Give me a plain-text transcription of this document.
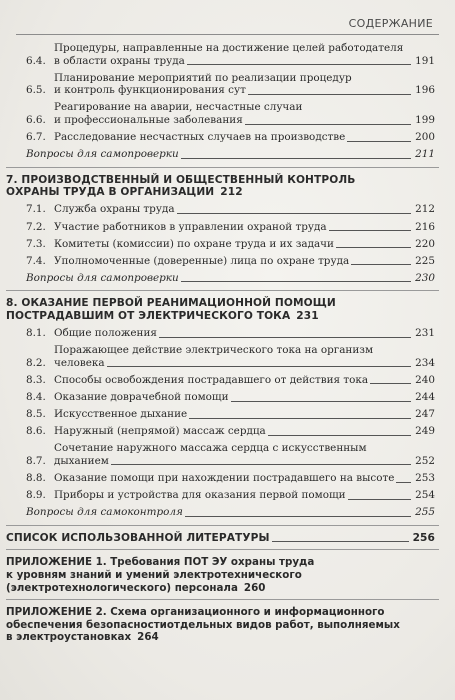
СОДЕРЖАНИЕ
6.4.
Процедуры, направленные на достижение целей работодателя
в области охраны труда	191
6.5.
Планирование мероприятий по реализации процедур
и контроль функционирования сут	196
6.6.
Реагирование на аварии, несчастные случаи
и профессиональные заболевания	199
6.7. Расследование несчастных случаев на производстве	200
Вопросы для самопроверки	211
7. ПРОИЗВОДСТВЕННЫЙ И ОБЩЕСТВЕННЫЙ КОНТРОЛЬ
ОХРАНЫ ТРУДА В ОРГАНИЗАЦИИ 212
7.1. Служба охраны труда	212
7.2. Участие работников в управлении охраной труда	216
7.3. Комитеты (комиссии) по охране труда и их задачи	220
7.4. Уполномоченные (доверенные) лица по охране труда	225
Вопросы для самопроверки	230
8. ОКАЗАНИЕ ПЕРВОЙ РЕАНИМАЦИОННОЙ ПОМОЩИ
ПОСТРАДАВШИМ ОТ ЭЛЕКТРИЧЕСКОГО ТОКА 231
8.1. Общие положения	231
8.2.
Поражающее действие электрического тока на организм
человека	234
8.3. Способы освобождения пострадавшего от действия тока	240
8.4. Оказание доврачебной помощи	244
8.5. Искусственное дыхание	247
8.6. Наружный (непрямой) массаж сердца	249
8.7.
Сочетание наружного массажа сердца с искусственным
дыханием	252
8.8. Оказание помощи при нахождении пострадавшего на высоте 253
8.9. Приборы и устройства для оказания первой помощи	254
Вопросы для самоконтроля	255
СПИСОК ИСПОЛЬЗОВАННОЙ ЛИТЕРАТУРЫ	256
ПРИЛОЖЕНИЕ 1. Требования ПОТ ЭУ охраны труда
к уровням знаний и умений электротехнического
(электротехнологического) персонала 260
ПРИЛОЖЕНИЕ 2. Схема организационного и информационного
обеспечения безопасностиотдельных видов работ, выполняемых
в электроустановках 264
